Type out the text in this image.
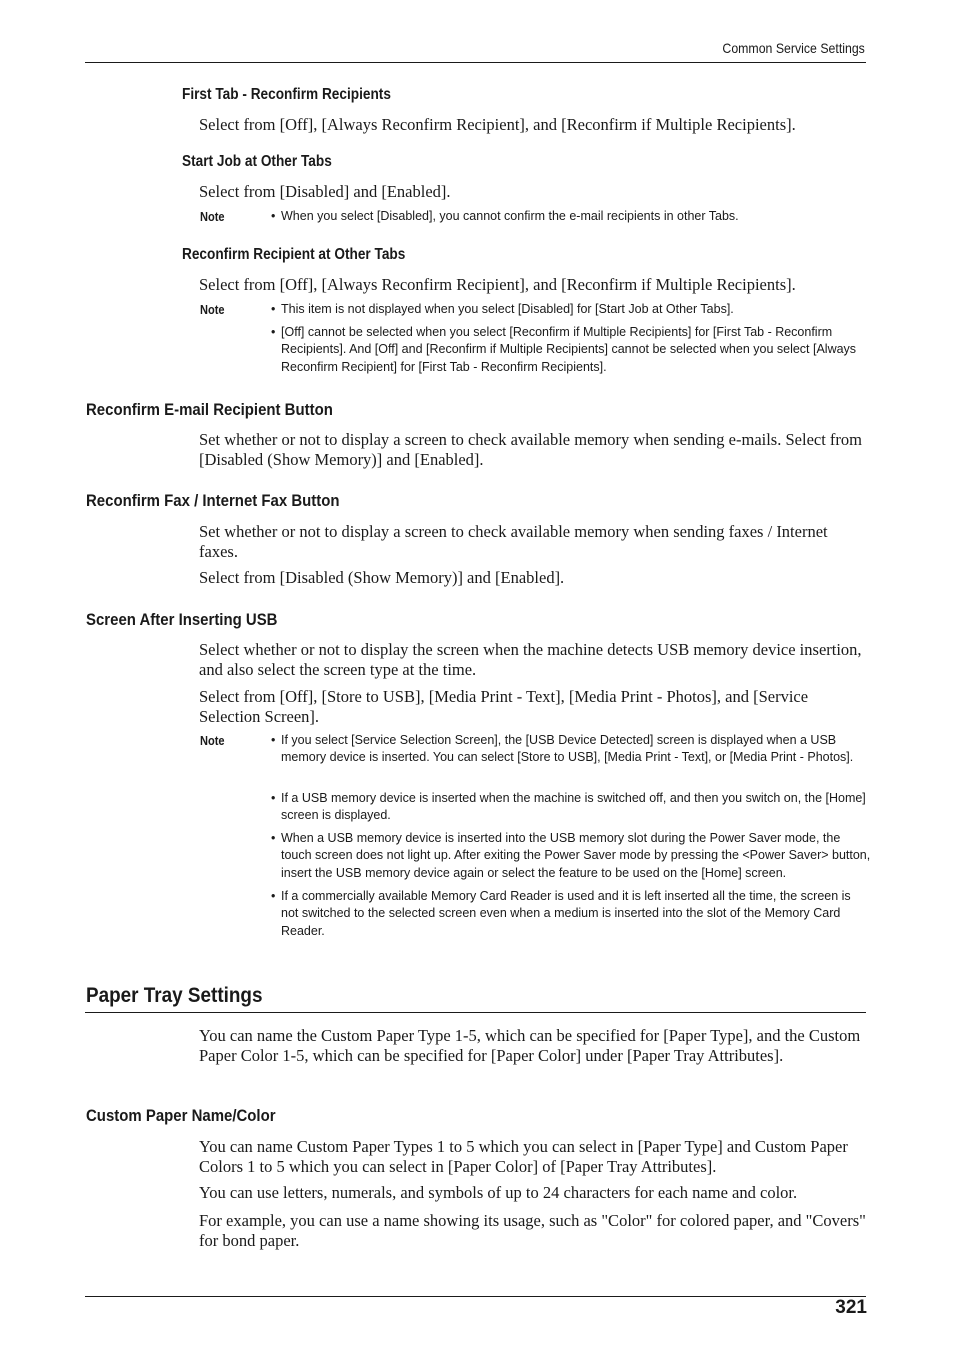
Common Service Settings
First Tab - Reconfirm Recipients
Select from [Off], [Always Reconfirm Recipient], and [Reconfirm if Multiple Recipients].
Start Job at Other Tabs
Select from [Disabled] and [Enabled].
Note	• When you select [Disabled], you cannot confirm the e-mail recipients in other Tabs.
Reconfirm Recipient at Other Tabs
Select from [Off], [Always Reconfirm Recipient], and [Reconfirm if Multiple Recipients].
Note	• This item is not displayed when you select [Disabled] for [Start Job at Other Tabs].
• [Off] cannot be selected when you select [Reconfirm if Multiple Recipients] for [First Tab - Reconfirm Recipients]. And [Off] and [Reconfirm if Multiple Recipients] cannot be selected when you select [Always Reconfirm Recipient] for [First Tab - Reconfirm Recipients].
Reconfirm E-mail Recipient Button
Set whether or not to display a screen to check available memory when sending e-mails. Select from [Disabled (Show Memory)] and [Enabled].
Reconfirm Fax / Internet Fax Button
Set whether or not to display a screen to check available memory when sending faxes / Internet faxes.
Select from [Disabled (Show Memory)] and [Enabled].
Screen After Inserting USB
Select whether or not to display the screen when the machine detects USB memory device insertion, and also select the screen type at the time.
Select from [Off], [Store to USB], [Media Print - Text], [Media Print - Photos], and [Service Selection Screen].
Note	• If you select [Service Selection Screen], the [USB Device Detected] screen is displayed when a USB memory device is inserted. You can select [Store to USB], [Media Print - Text], or [Media Print - Photos].
• If a USB memory device is inserted when the machine is switched off, and then you switch on, the [Home] screen is displayed.
• When a USB memory device is inserted into the USB memory slot during the Power Saver mode, the touch screen does not light up. After exiting the Power Saver mode by pressing the <Power Saver> button, insert the USB memory device again or select the feature to be used on the [Home] screen.
• If a commercially available Memory Card Reader is used and it is left inserted all the time, the screen is not switched to the selected screen even when a medium is inserted into the slot of the Memory Card Reader.
Paper Tray Settings
You can name the Custom Paper Type 1-5, which can be specified for [Paper Type], and the Custom Paper Color 1-5, which can be specified for [Paper Color] under [Paper Tray Attributes].
Custom Paper Name/Color
You can name Custom Paper Types 1 to 5 which you can select in [Paper Type] and Custom Paper Colors 1 to 5 which you can select in [Paper Color] of [Paper Tray Attributes].
You can use letters, numerals, and symbols of up to 24 characters for each name and color.
For example, you can use a name showing its usage, such as "Color" for colored paper, and "Covers" for bond paper.
321
